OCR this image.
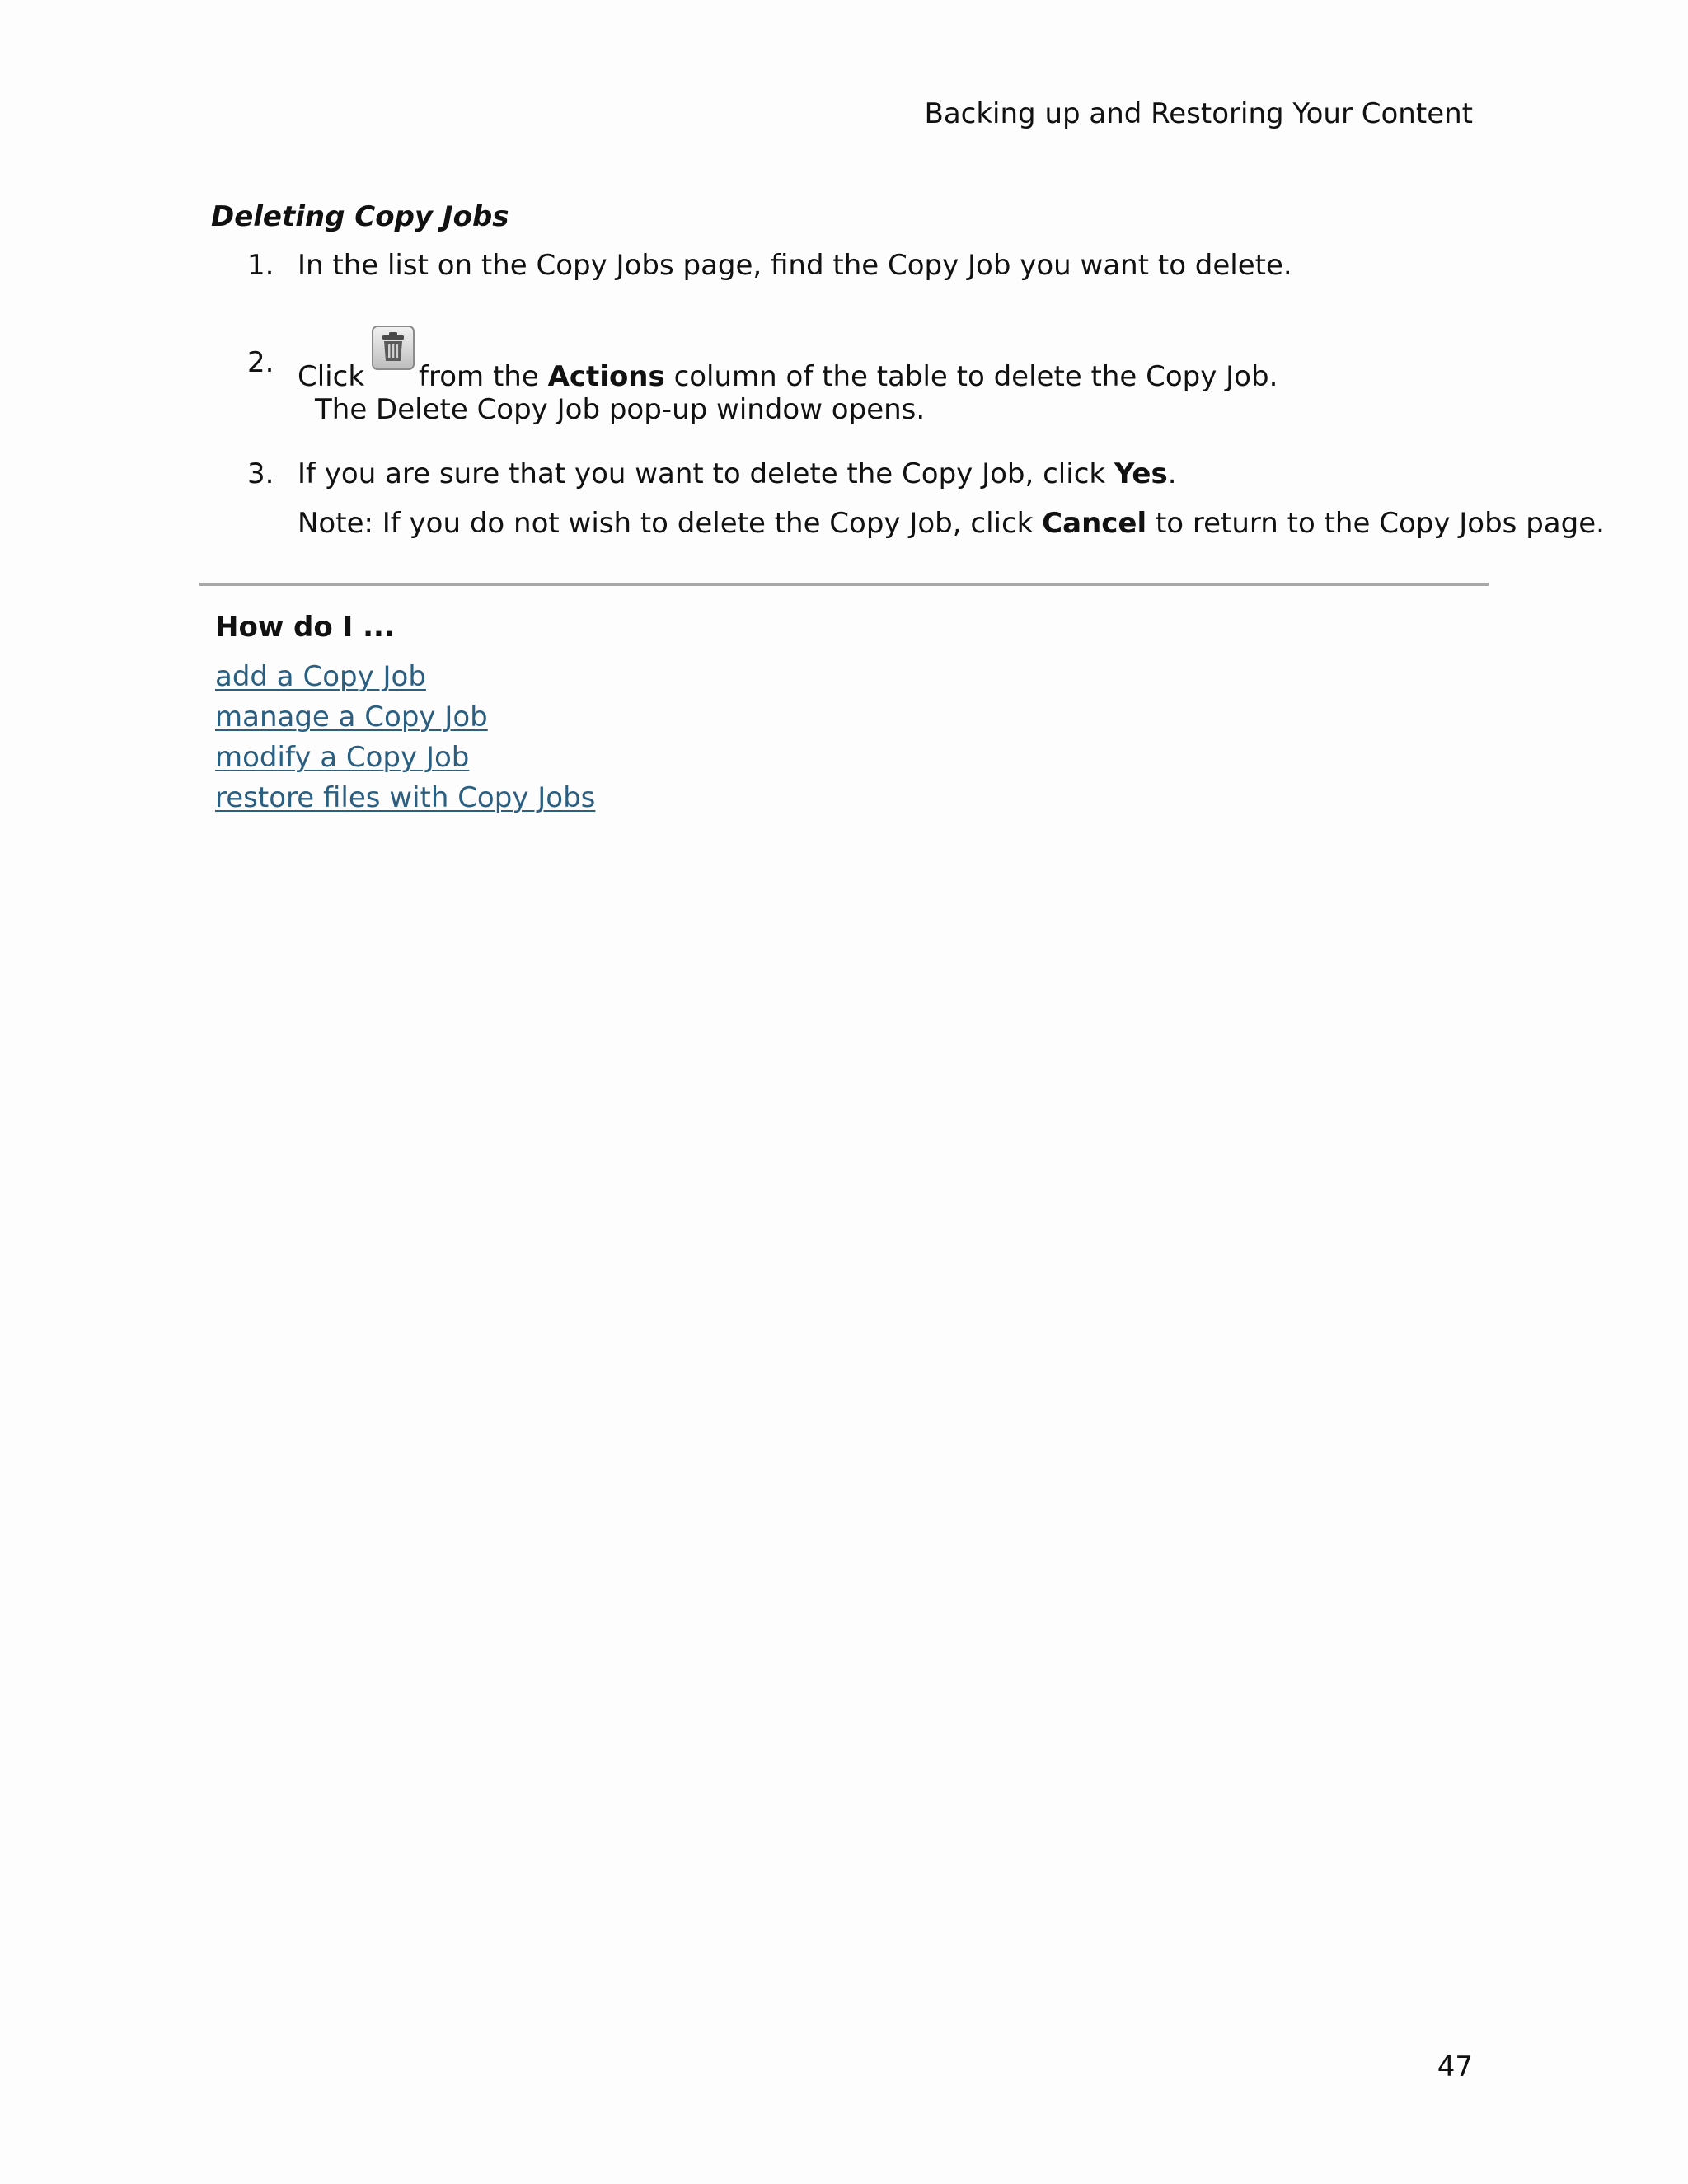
Backing up and Restoring Your Content
Deleting Copy Jobs
1. In the list on the Copy Jobs page, find the Copy Job you want to delete.
2. Click from the Actions column of the table to delete the Copy Job.
The Delete Copy Job pop-up window opens.
3. If you are sure that you want to delete the Copy Job, click Yes.
Note: If you do not wish to delete the Copy Job, click Cancel to return to the Copy Jobs page.
How do I ...
add a Copy Job
manage a Copy Job
modify a Copy Job
restore files with Copy Jobs
47
